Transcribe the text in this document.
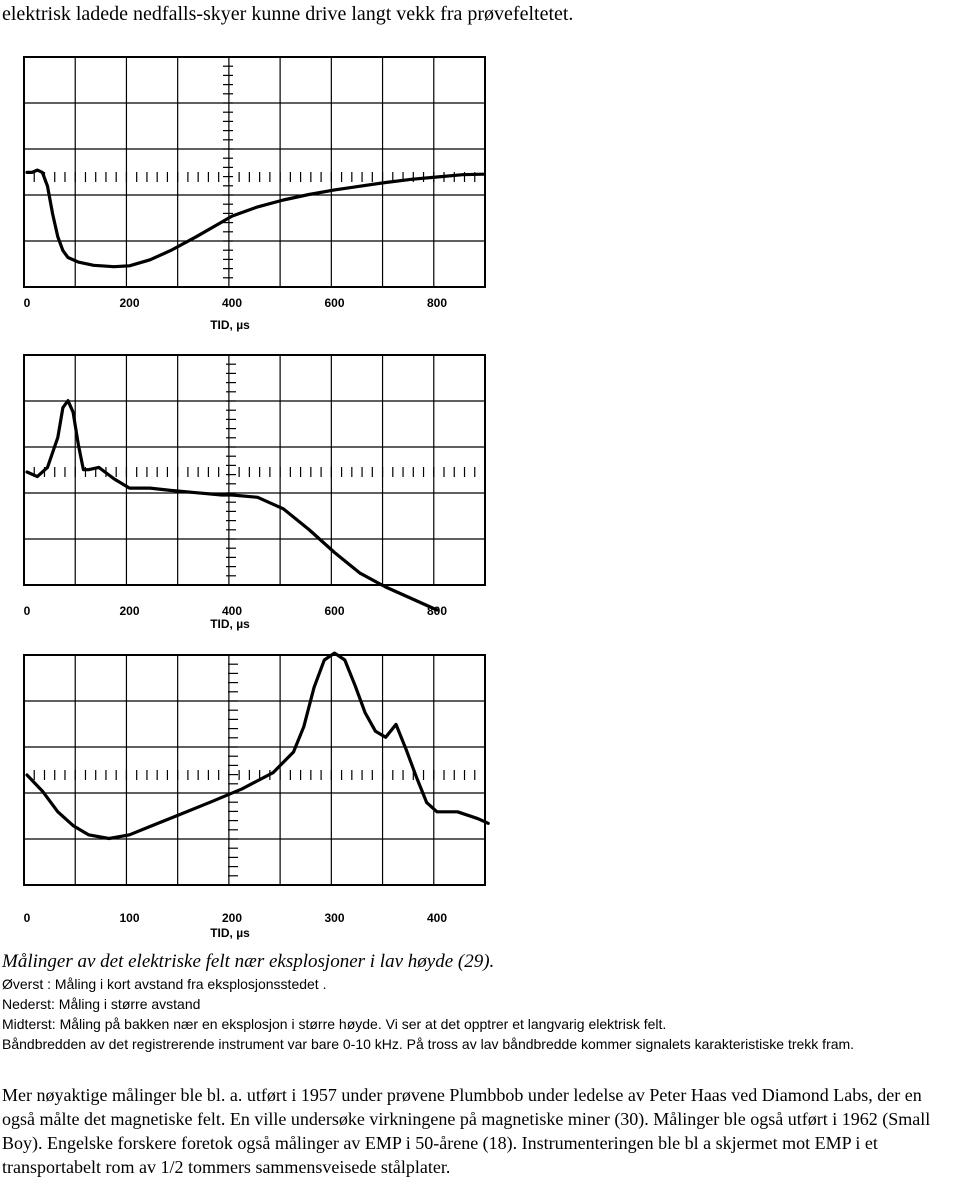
elektrisk ladede nedfalls-skyer kunne drive langt vekk fra prøvefeltetet.
0	200	400	600	800
TID, µs
0	200	400	600	800
TID, µs
0	100	200	300	400
TID, µs

Målinger av det elektriske felt nær eksplosjoner i lav høyde (29).

Øverst : Måling i kort avstand fra eksplosjonsstedet .

Nederst: Måling i større avstand

Midterst: Måling på bakken nær en eksplosjon i større høyde. Vi ser at det opptrer et langvarig elektrisk felt.

Båndbredden av det registrerende instrument var bare 0-10 kHz. På tross av lav båndbredde kommer signalets karakteristiske trekk fram.

Mer nøyaktige målinger ble bl. a. utført i 1957 under prøvene Plumbbob under ledelse av Peter Haas ved Diamond Labs, der en også målte det magnetiske felt. En ville undersøke virkningene på magnetiske miner (30). Målinger ble også utført i 1962 (Small Boy). Engelske forskere foretok også målinger av EMP i 50-årene (18). Instrumenteringen ble bl a skjermet mot EMP i et transportabelt rom av 1/2 tommers sammensveisede stålplater.
